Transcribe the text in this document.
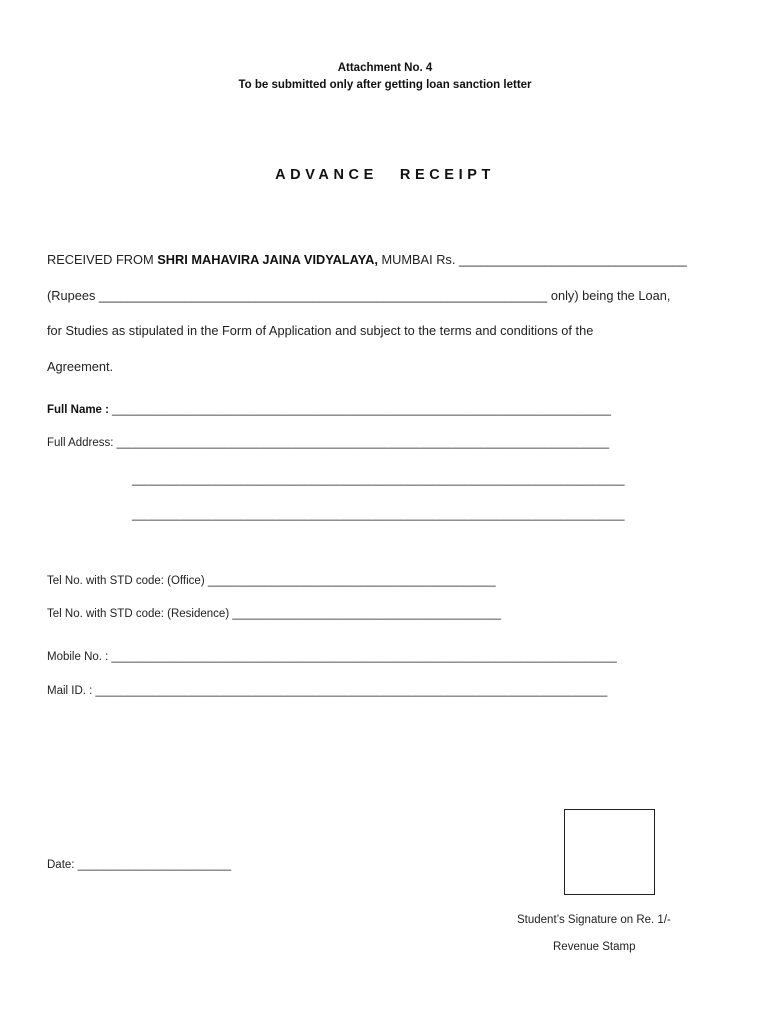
Attachment No. 4
To be submitted only after getting loan sanction letter
ADVANCE RECEIPT
RECEIVED FROM SHRI MAHAVIRA JAINA VIDYALAYA, MUMBAI Rs. ________________________________
(Rupees _______________________________________________________________ only) being the Loan,
for Studies as stipulated in the Form of Application and subject to the terms and conditions of the
Agreement.
Full Name : ______________________________________________________________________________
Full Address: _____________________________________________________________________________
_____________________________________________________________________________
_____________________________________________________________________________
Tel No. with STD code: (Office) _____________________________________________
Tel No. with STD code: (Residence) __________________________________________
Mobile No. : _______________________________________________________________________________
Mail ID. : ________________________________________________________________________________
Date: ________________________
Student’s Signature on Re. 1/-
Revenue Stamp
